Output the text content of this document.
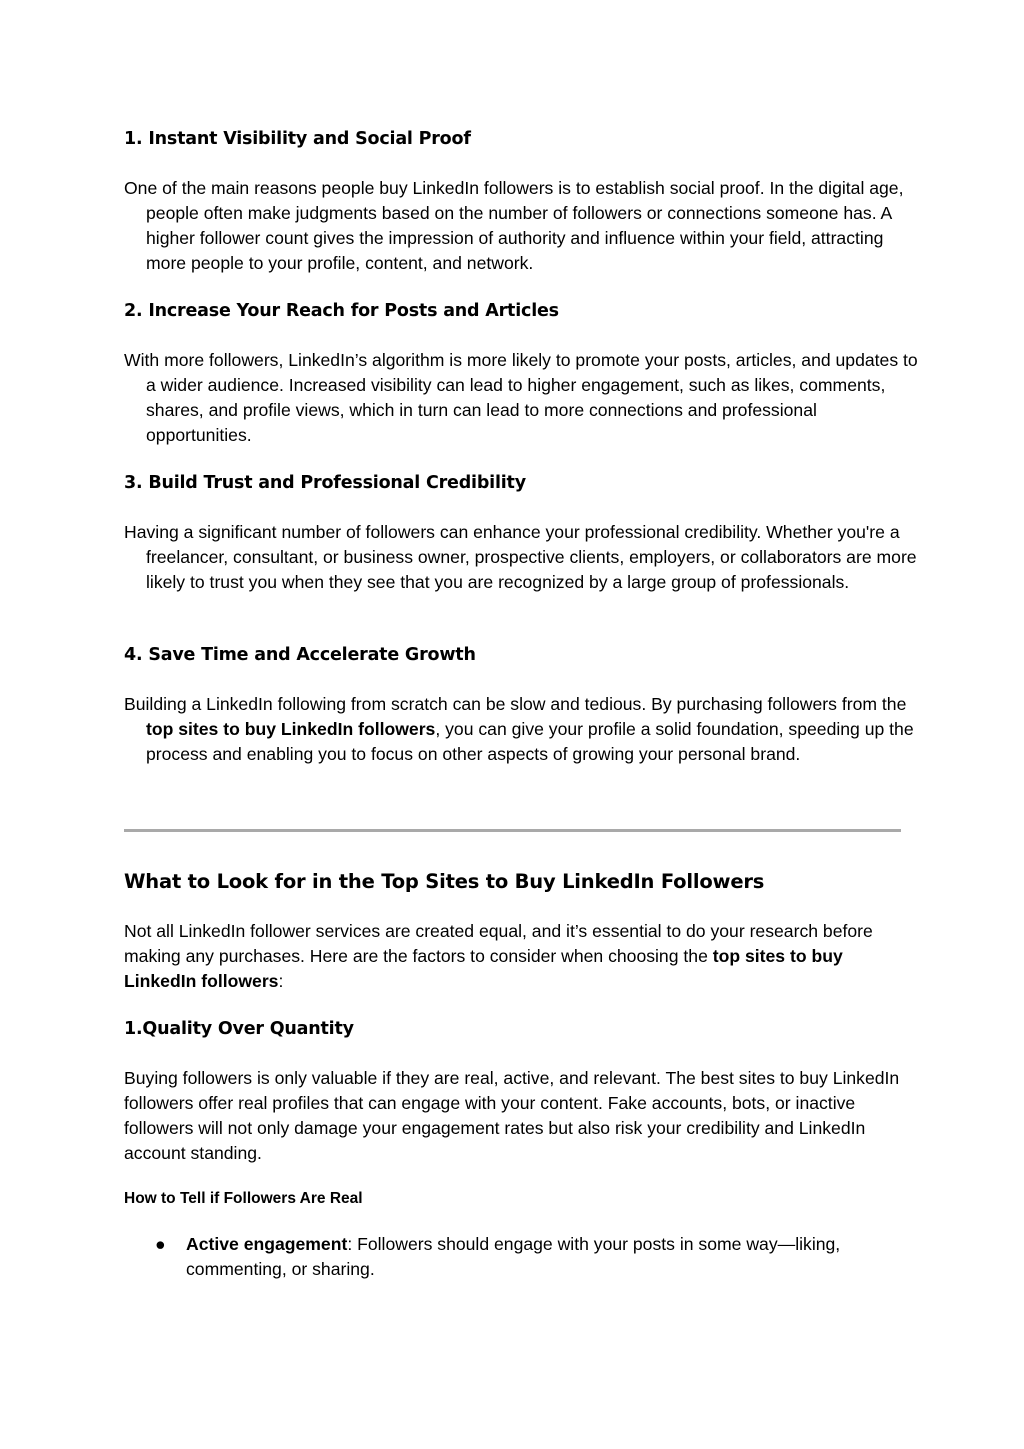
1. Instant Visibility and Social Proof
One of the main reasons people buy LinkedIn followers is to establish social proof. In the digital age, people often make judgments based on the number of followers or connections someone has. A higher follower count gives the impression of authority and influence within your field, attracting more people to your profile, content, and network.
2. Increase Your Reach for Posts and Articles
With more followers, LinkedIn’s algorithm is more likely to promote your posts, articles, and updates to a wider audience. Increased visibility can lead to higher engagement, such as likes, comments, shares, and profile views, which in turn can lead to more connections and professional opportunities.
3. Build Trust and Professional Credibility
Having a significant number of followers can enhance your professional credibility. Whether you're a freelancer, consultant, or business owner, prospective clients, employers, or collaborators are more likely to trust you when they see that you are recognized by a large group of professionals.
4. Save Time and Accelerate Growth
Building a LinkedIn following from scratch can be slow and tedious. By purchasing followers from the top sites to buy LinkedIn followers, you can give your profile a solid foundation, speeding up the process and enabling you to focus on other aspects of growing your personal brand.
What to Look for in the Top Sites to Buy LinkedIn Followers
Not all LinkedIn follower services are created equal, and it’s essential to do your research before making any purchases. Here are the factors to consider when choosing the top sites to buy LinkedIn followers:
1.Quality Over Quantity
Buying followers is only valuable if they are real, active, and relevant. The best sites to buy LinkedIn followers offer real profiles that can engage with your content. Fake accounts, bots, or inactive followers will not only damage your engagement rates but also risk your credibility and LinkedIn account standing.
How to Tell if Followers Are Real
● Active engagement: Followers should engage with your posts in some way—liking, commenting, or sharing.
